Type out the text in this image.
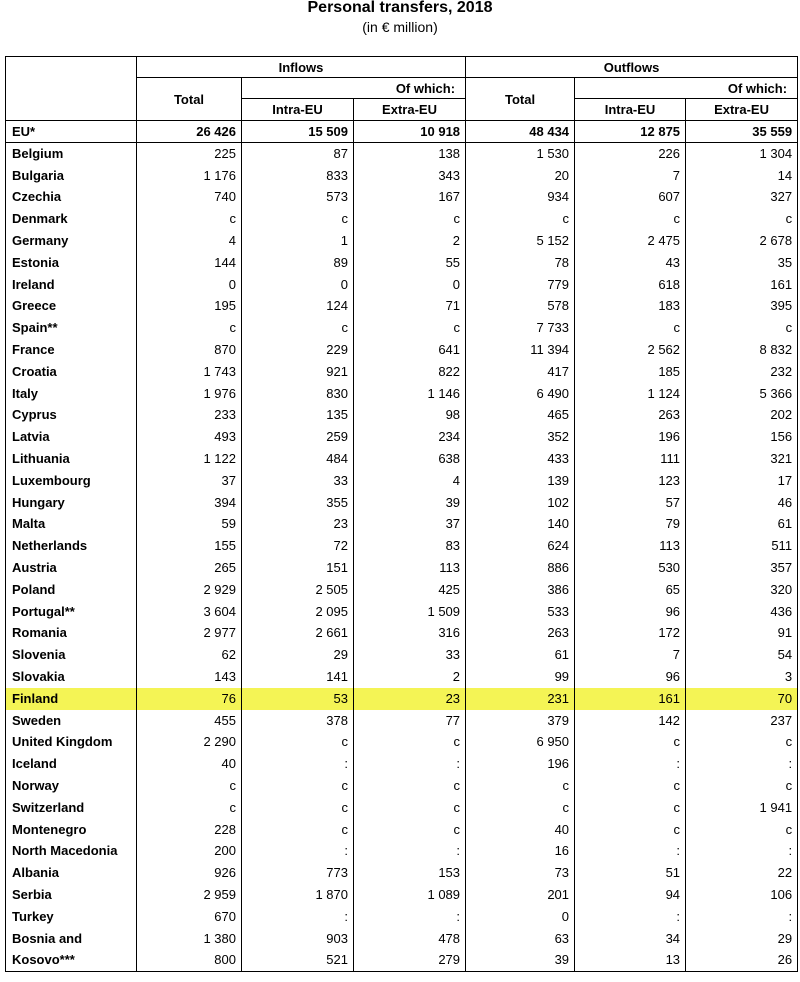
Personal transfers, 2018
(in € million)
	Inflows			Outflows		
	Total	Of which:		Total	Of which:	
		Intra-EU	Extra-EU		Intra-EU	Extra-EU
EU*	26 426	15 509	10 918	48 434	12 875	35 559
Belgium	225	87	138	1 530	226	1 304
Bulgaria	1 176	833	343	20	7	14
Czechia	740	573	167	934	607	327
Denmark	c	c	c	c	c	c
Germany	4	1	2	5 152	2 475	2 678
Estonia	144	89	55	78	43	35
Ireland	0	0	0	779	618	161
Greece	195	124	71	578	183	395
Spain**	c	c	c	7 733	c	c
France	870	229	641	11 394	2 562	8 832
Croatia	1 743	921	822	417	185	232
Italy	1 976	830	1 146	6 490	1 124	5 366
Cyprus	233	135	98	465	263	202
Latvia	493	259	234	352	196	156
Lithuania	1 122	484	638	433	111	321
Luxembourg	37	33	4	139	123	17
Hungary	394	355	39	102	57	46
Malta	59	23	37	140	79	61
Netherlands	155	72	83	624	113	511
Austria	265	151	113	886	530	357
Poland	2 929	2 505	425	386	65	320
Portugal**	3 604	2 095	1 509	533	96	436
Romania	2 977	2 661	316	263	172	91
Slovenia	62	29	33	61	7	54
Slovakia	143	141	2	99	96	3
Finland	76	53	23	231	161	70
Sweden	455	378	77	379	142	237
United Kingdom	2 290	c	c	6 950	c	c
Iceland	40	:	:	196	:	:
Norway	c	c	c	c	c	c
Switzerland	c	c	c	c	c	1 941
Montenegro	228	c	c	40	c	c
North Macedonia	200	:	:	16	:	:
Albania	926	773	153	73	51	22
Serbia	2 959	1 870	1 089	201	94	106
Turkey	670	:	:	0	:	:
Bosnia and	1 380	903	478	63	34	29
Kosovo***	800	521	279	39	13	26
